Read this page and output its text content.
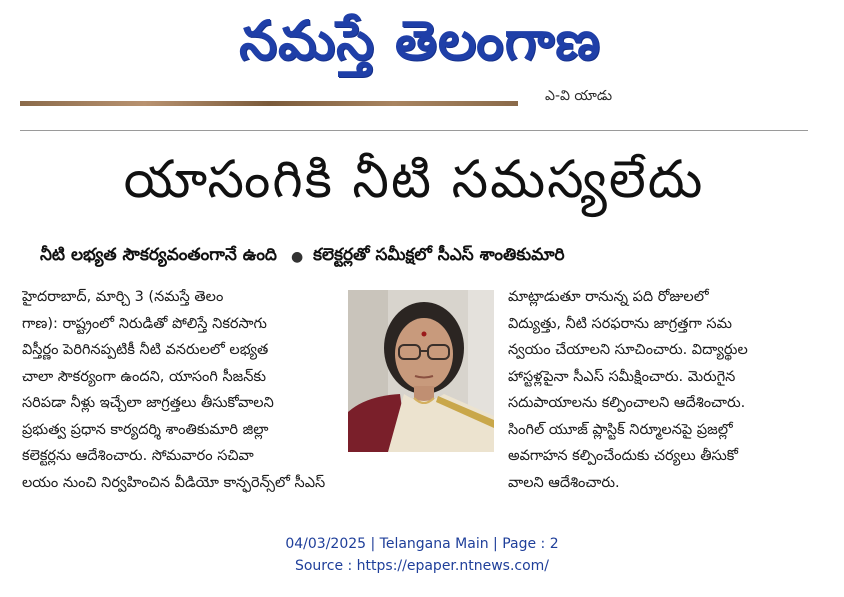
నమస్తే తెలంగాణ
ఎ-వి యాడు
యాసంగికి నీటి సమస్యలేదు
నీటి లభ్యత సౌకర్యవంతంగానే ఉంది ● కలెక్టర్లతో సమీక్షలో సీఎస్ శాంతికుమారి
హైదరాబాద్, మార్చి 3 (నమస్తే తెలం
గాణ): రాష్ట్రంలో నిరుడితో పోలిస్తే నికరసాగు
విస్తీర్ణం పెరిగినప్పటికీ నీటి వనరులలో లభ్యత
చాలా సౌకర్యంగా ఉందని, యాసంగి సీజన్‌కు
సరిపడా నీళ్లు ఇచ్చేలా జాగ్రత్తలు తీసుకోవాలని
ప్రభుత్వ ప్రధాన కార్యదర్శి శాంతికుమారి జిల్లా
కలెక్టర్లను ఆదేశించారు. సోమవారం సచివా
లయం నుంచి నిర్వహించిన వీడియో కాన్ఫరెన్స్‌లో సీఎస్
మాట్లాడుతూ రానున్న పది రోజులలో
విద్యుత్తు, నీటి సరఫరాను జాగ్రత్తగా సమ
న్వయం చేయాలని సూచించారు. విద్యార్థుల
హాస్టళ్లపైనా సీఎస్ సమీక్షించారు. మెరుగైన
సదుపాయాలను కల్పించాలని ఆదేశించారు.
సింగిల్ యూజ్ ప్లాస్టిక్ నిర్మూలనపై ప్రజల్లో
అవగాహన కల్పించేందుకు చర్యలు తీసుకో
వాలని ఆదేశించారు.
04/03/2025 | Telangana Main | Page : 2
Source : https://epaper.ntnews.com/
